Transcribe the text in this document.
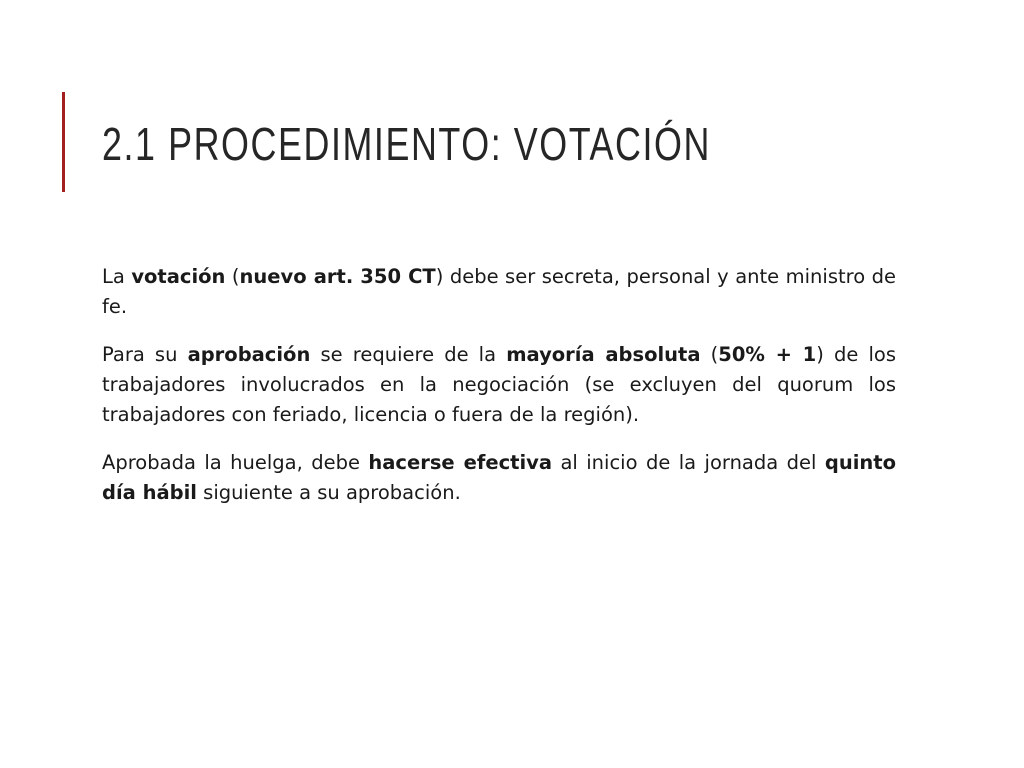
2.1 PROCEDIMIENTO: VOTACIÓN

La votación (nuevo art. 350 CT) debe ser secreta, personal y ante ministro de fe.

Para su aprobación se requiere de la mayoría absoluta (50% + 1) de los trabajadores involucrados en la negociación (se excluyen del quorum los trabajadores con feriado, licencia o fuera de la región).

Aprobada la huelga, debe hacerse efectiva al inicio de la jornada del quinto día hábil siguiente a su aprobación.
